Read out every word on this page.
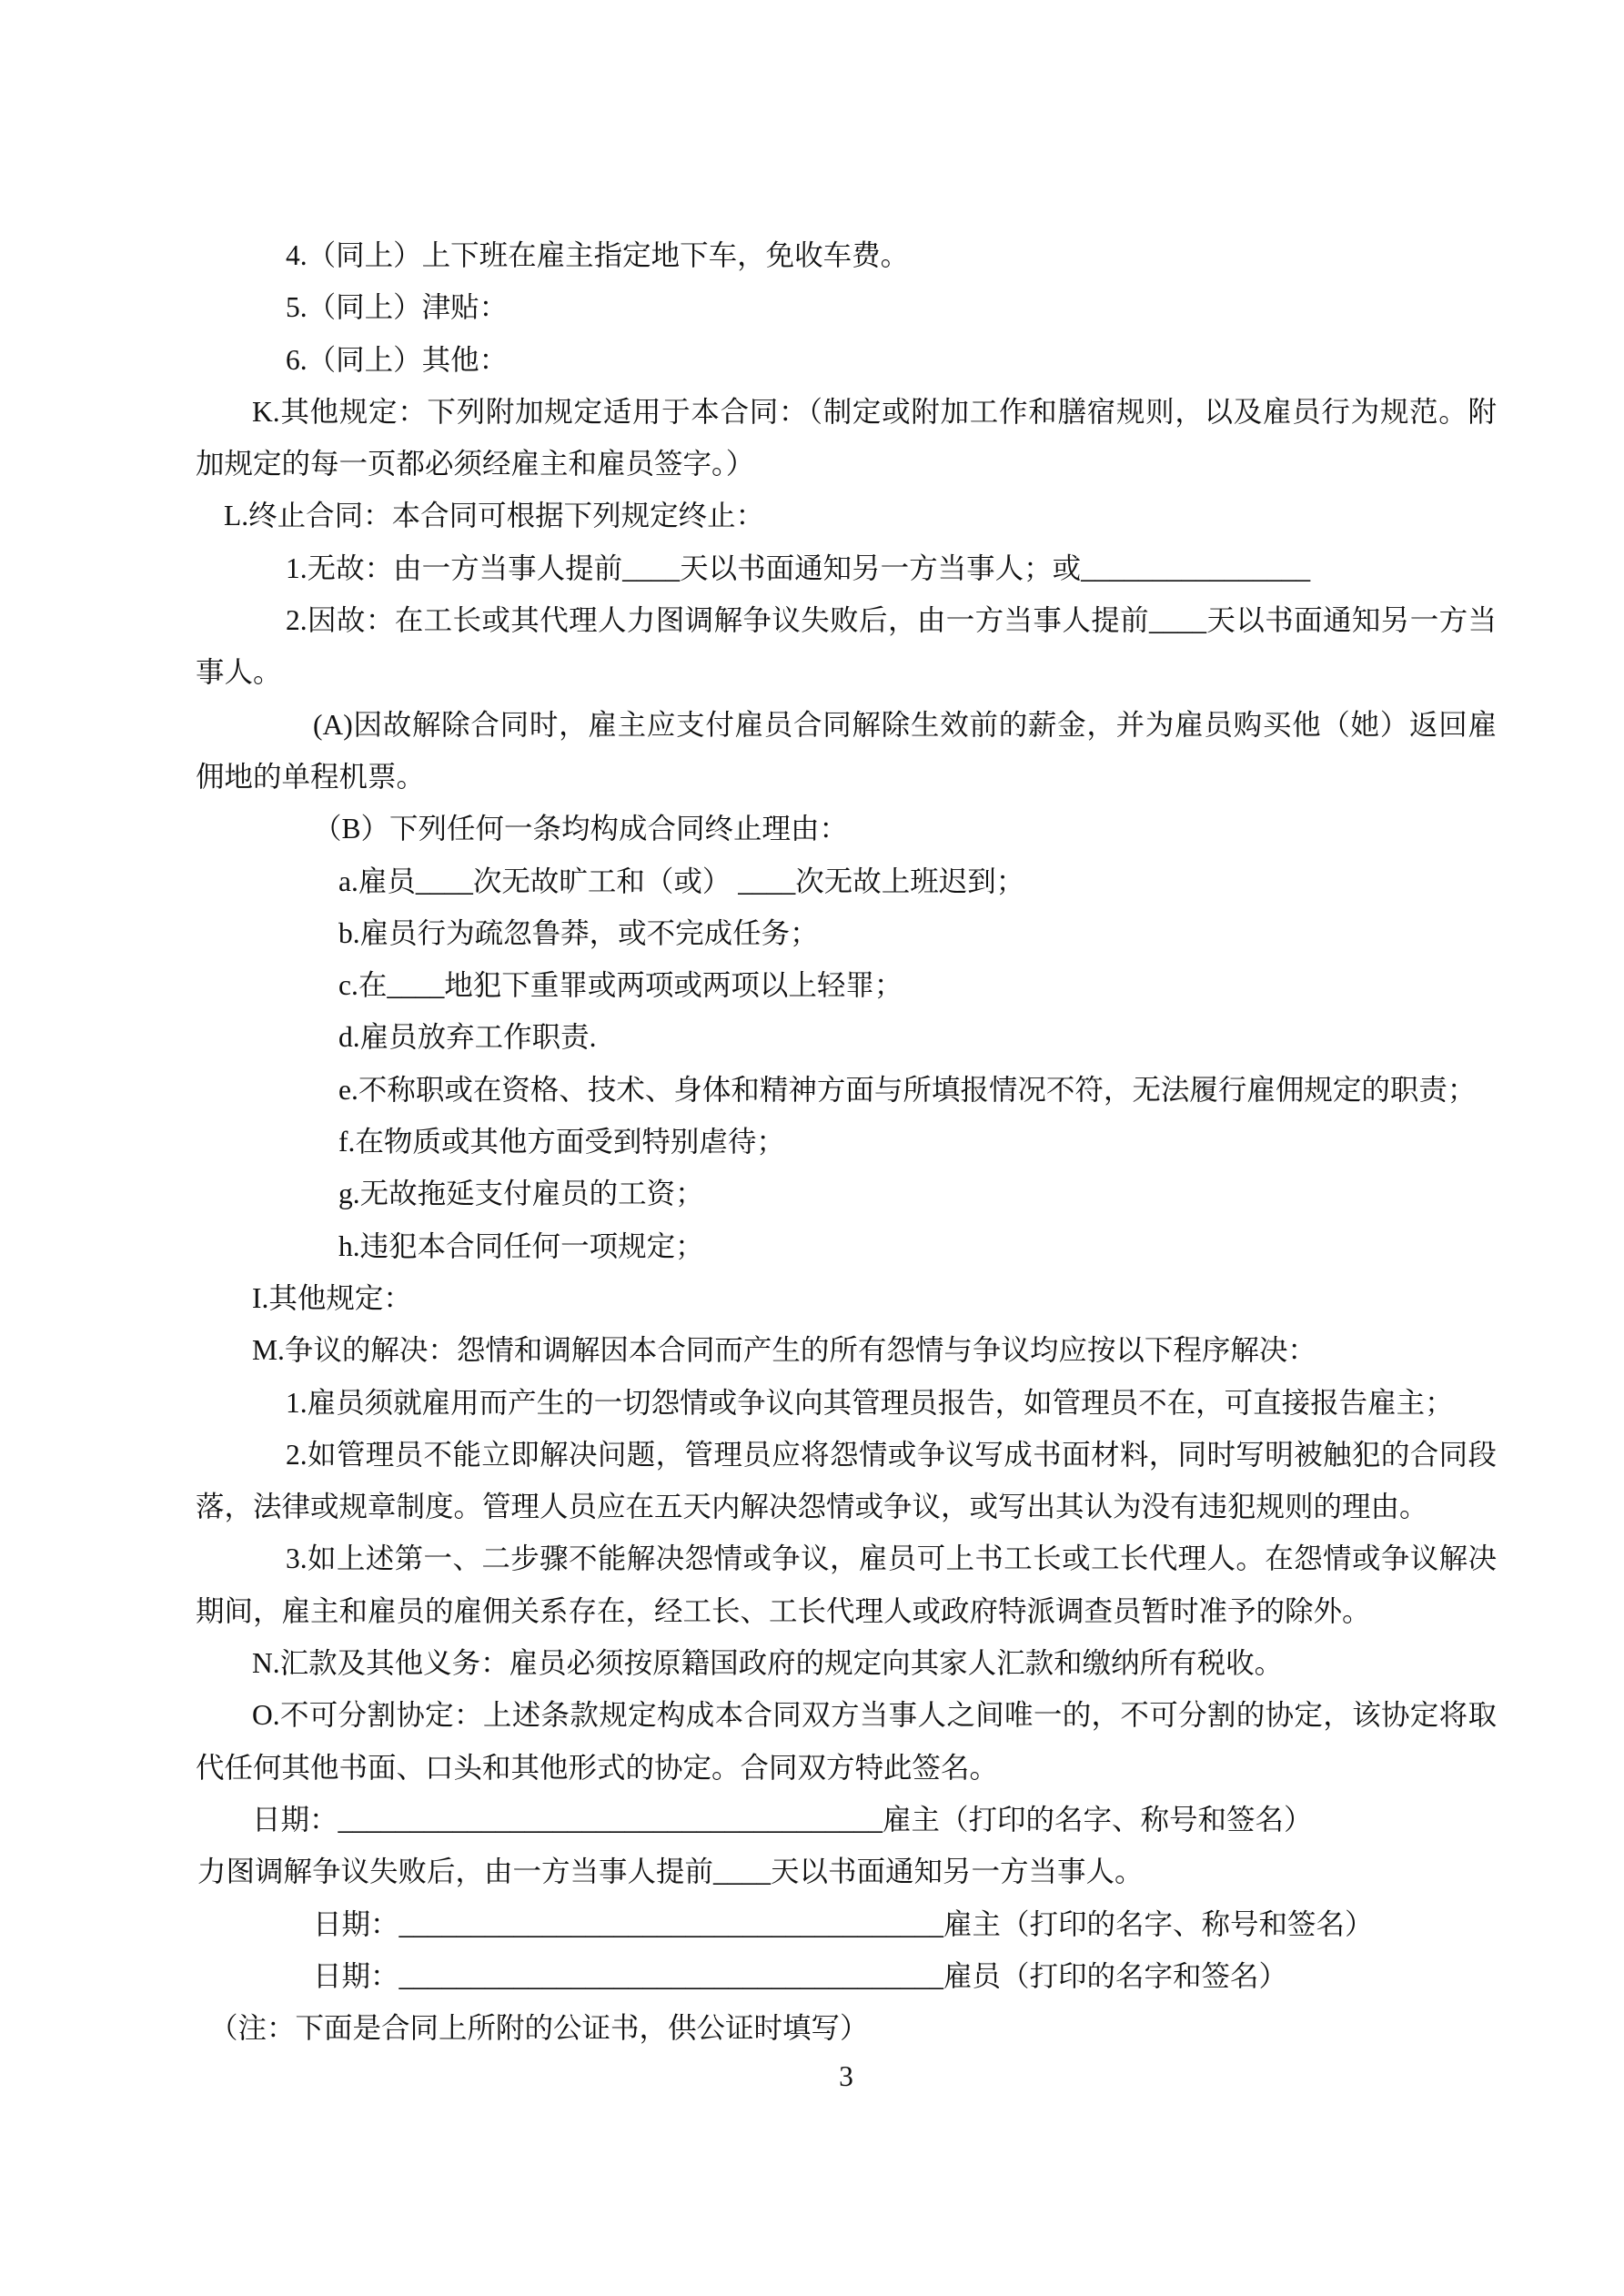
4.（同上）上下班在雇主指定地下车，免收车费。

5.（同上）津贴：

6.（同上）其他：

K.其他规定：下列附加规定适用于本合同：（制定或附加工作和膳宿规则，以及雇员行为规范。附加规定的每一页都必须经雇主和雇员签字。）

L.终止合同：本合同可根据下列规定终止：

1.无故：由一方当事人提前____天以书面通知另一方当事人；或________________

2.因故：在工长或其代理人力图调解争议失败后，由一方当事人提前____天以书面通知另一方当事人。

(A)因故解除合同时，雇主应支付雇员合同解除生效前的薪金，并为雇员购买他（她）返回雇佣地的单程机票。

（B）下列任何一条均构成合同终止理由：

a.雇员____次无故旷工和（或） ____次无故上班迟到；

b.雇员行为疏忽鲁莽，或不完成任务；

c.在____地犯下重罪或两项或两项以上轻罪；

d.雇员放弃工作职责.

e.不称职或在资格、技术、身体和精神方面与所填报情况不符，无法履行雇佣规定的职责；

f.在物质或其他方面受到特别虐待；

g.无故拖延支付雇员的工资；

h.违犯本合同任何一项规定；

I.其他规定：

M.争议的解决：怨情和调解因本合同而产生的所有怨情与争议均应按以下程序解决：

1.雇员须就雇用而产生的一切怨情或争议向其管理员报告，如管理员不在，可直接报告雇主；

2.如管理员不能立即解决问题，管理员应将怨情或争议写成书面材料，同时写明被触犯的合同段落，法律或规章制度。管理人员应在五天内解决怨情或争议，或写出其认为没有违犯规则的理由。

3.如上述第一、二步骤不能解决怨情或争议，雇员可上书工长或工长代理人。在怨情或争议解决期间，雇主和雇员的雇佣关系存在，经工长、工长代理人或政府特派调查员暂时准予的除外。

N.汇款及其他义务：雇员必须按原籍国政府的规定向其家人汇款和缴纳所有税收。

O.不可分割协定：上述条款规定构成本合同双方当事人之间唯一的，不可分割的协定，该协定将取代任何其他书面、口头和其他形式的协定。合同双方特此签名。

日期：______________________________________雇主（打印的名字、称号和签名）

力图调解争议失败后，由一方当事人提前____天以书面通知另一方当事人。

日期：______________________________________雇主（打印的名字、称号和签名）

日期：______________________________________雇员（打印的名字和签名）

（注：下面是合同上所附的公证书，供公证时填写）

3
